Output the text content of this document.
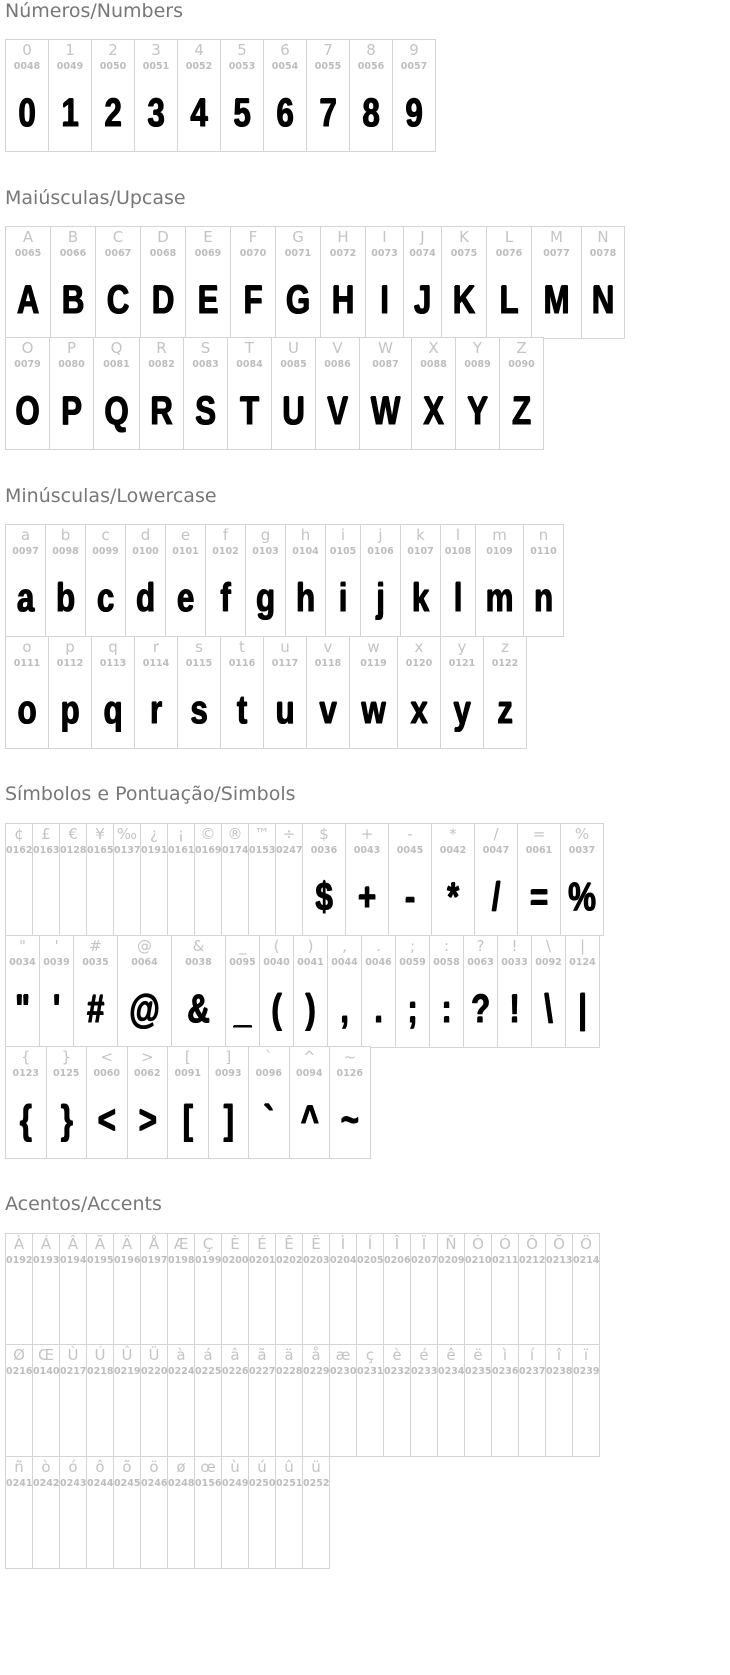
Números/Numbers
0
0048
0
1
0049
1
2
0050
2
3
0051
3
4
0052
4
5
0053
5
6
0054
6
7
0055
7
8
0056
8
9
0057
9
Maiúsculas/Upcase
A
0065
A
B
0066
B
C
0067
C
D
0068
D
E
0069
E
F
0070
F
G
0071
G
H
0072
H
I
0073
I
J
0074
J
K
0075
K
L
0076
L
M
0077
M
N
0078
N
O
0079
O
P
0080
P
Q
0081
Q
R
0082
R
S
0083
S
T
0084
T
U
0085
U
V
0086
V
W
0087
W
X
0088
X
Y
0089
Y
Z
0090
Z
Minúsculas/Lowercase
a
0097
a
b
0098
b
c
0099
c
d
0100
d
e
0101
e
f
0102
f
g
0103
g
h
0104
h
i
0105
i
j
0106
j
k
0107
k
l
0108
l
m
0109
m
n
0110
n
o
0111
o
p
0112
p
q
0113
q
r
0114
r
s
0115
s
t
0116
t
u
0117
u
v
0118
v
w
0119
w
x
0120
x
y
0121
y
z
0122
z
Símbolos e Pontuação/Simbols
¢
0162
£
0163
€
0128
¥
0165
‰
0137
¿
0191
¡
0161
©
0169
®
0174
™
0153
÷
0247
$
0036
$
+
0043
+
-
0045
-
*
0042
*
/
0047
/
=
0061
=
%
0037
%
"
0034
"
'
0039
'
#
0035
#
@
0064
@
&
0038
&
_
0095
_
(
0040
(
)
0041
)
,
0044
,
.
0046
.
;
0059
;
:
0058
:
?
0063
?
!
0033
!
\
0092
\
|
0124
|
{
0123
{
}
0125
}
<
0060
<
>
0062
>
[
0091
[
]
0093
]
`
0096
`
^
0094
^
~
0126
~
Acentos/Accents
À
0192
Á
0193
Â
0194
Ã
0195
Ä
0196
Å
0197
Æ
0198
Ç
0199
È
0200
É
0201
Ê
0202
Ë
0203
Ì
0204
Í
0205
Î
0206
Ï
0207
Ñ
0209
Ò
0210
Ó
0211
Ô
0212
Õ
0213
Ö
0214
Ø
0216
Œ
0140
Ù
0217
Ú
0218
Û
0219
Ü
0220
à
0224
á
0225
â
0226
ã
0227
ä
0228
å
0229
æ
0230
ç
0231
è
0232
é
0233
ê
0234
ë
0235
ì
0236
í
0237
î
0238
ï
0239
ñ
0241
ò
0242
ó
0243
ô
0244
õ
0245
ö
0246
ø
0248
œ
0156
ù
0249
ú
0250
û
0251
ü
0252
